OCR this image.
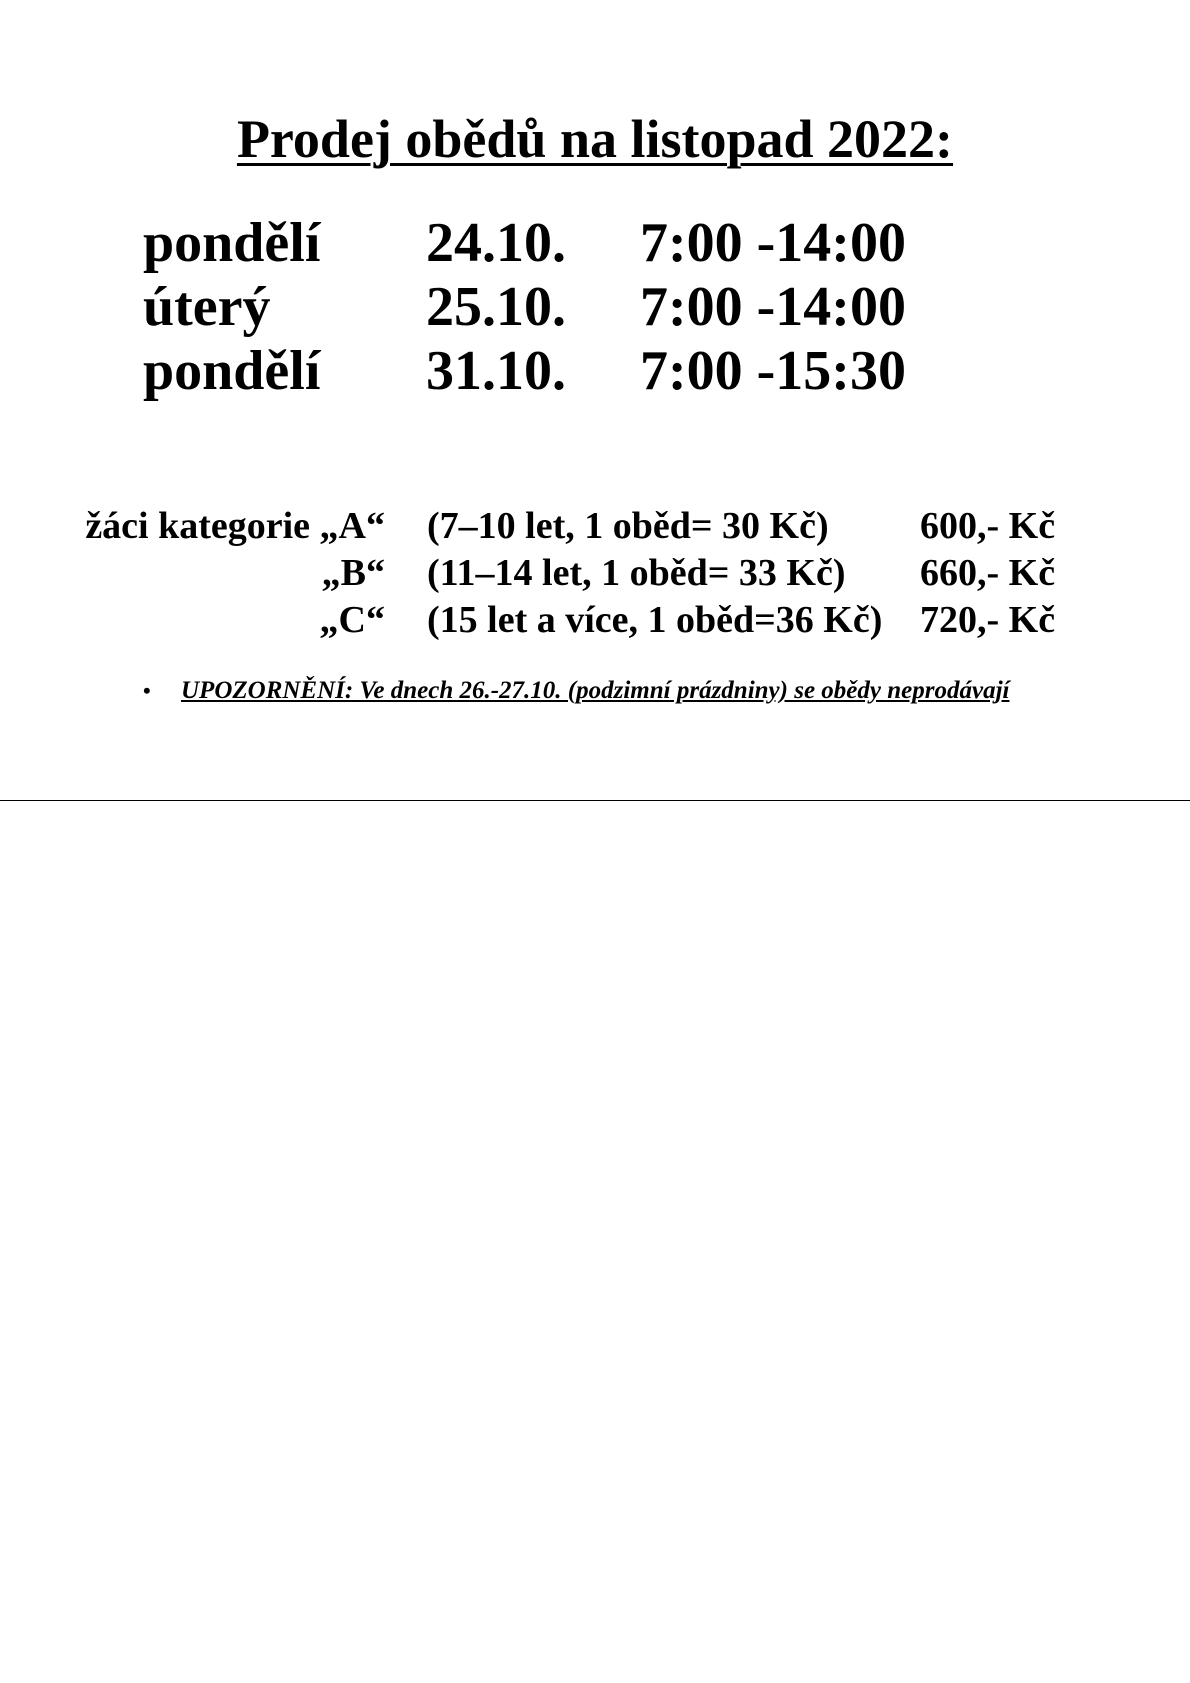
Prodej obědů na listopad 2022:
pondělí 24.10. 7:00 -14:00
úterý	25.10. 7:00 -14:00
pondělí 31.10. 7:00 -15:30
žáci kategorie „A“ (7–10 let, 1 oběd= 30 Kč) 600,- Kč
„B“ (11–14 let, 1 oběd= 33 Kč) 660,- Kč
„C“ (15 let a více, 1 oběd=36 Kč) 720,- Kč
• UPOZORNĚNÍ: Ve dnech 26.-27.10. (podzimní prázdniny) se obědy neprodávají
